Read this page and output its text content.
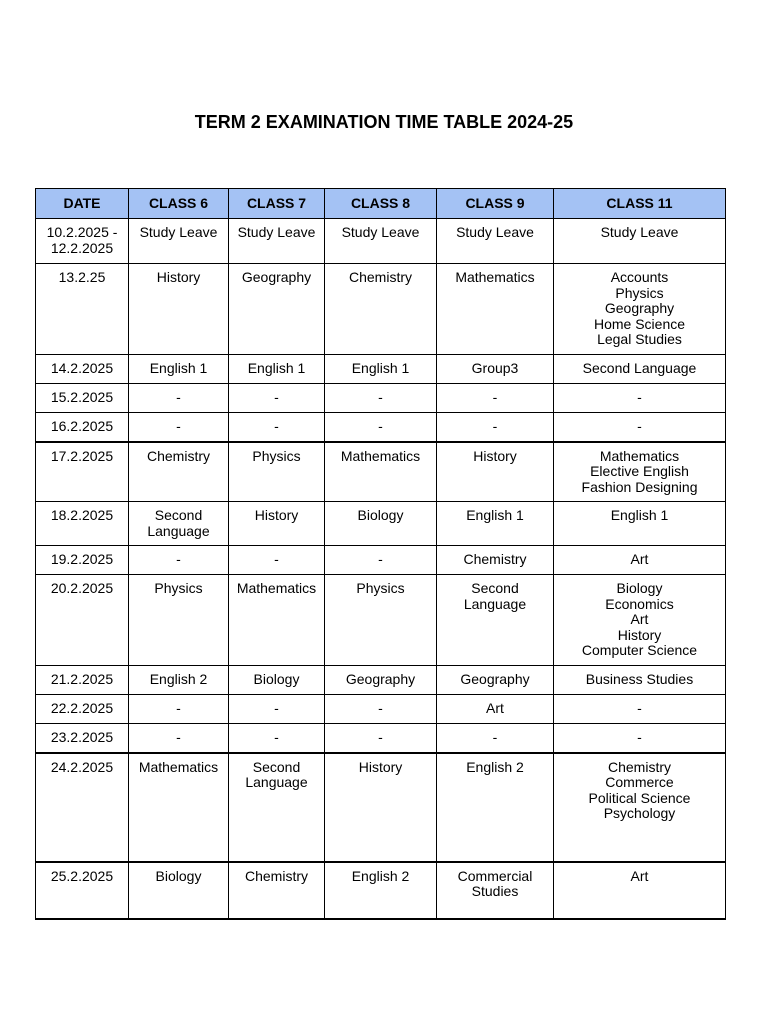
TERM 2 EXAMINATION TIME TABLE 2024-25
DATE	CLASS 6	CLASS 7	CLASS 8	CLASS 9	CLASS 11

10.2.2025 -
12.2.2025	Study Leave	Study Leave	Study Leave	Study Leave	Study Leave

13.2.25	History	Geography	Chemistry	Mathematics	Accounts
Physics
Geography
Home Science
Legal Studies

14.2.2025	English 1	English 1	English 1	Group3	Second Language

15.2.2025	-	-	-	-	-

16.2.2025	-	-	-	-	-

17.2.2025	Chemistry	Physics	Mathematics	History	Mathematics
Elective English
Fashion Designing

18.2.2025	Second
Language	History	Biology	English 1	English 1

19.2.2025	-	-	-	Chemistry	Art

20.2.2025	Physics	Mathematics	Physics	Second
Language	Biology
Economics
Art
History
Computer Science

21.2.2025	English 2	Biology	Geography	Geography	Business Studies

22.2.2025	-	-	-	Art	-

23.2.2025	-	-	-	-	-

24.2.2025	Mathematics	Second
Language	History	English 2	Chemistry
Commerce
Political Science
Psychology

25.2.2025	Biology	Chemistry	English 2	Commercial
Studies	Art
